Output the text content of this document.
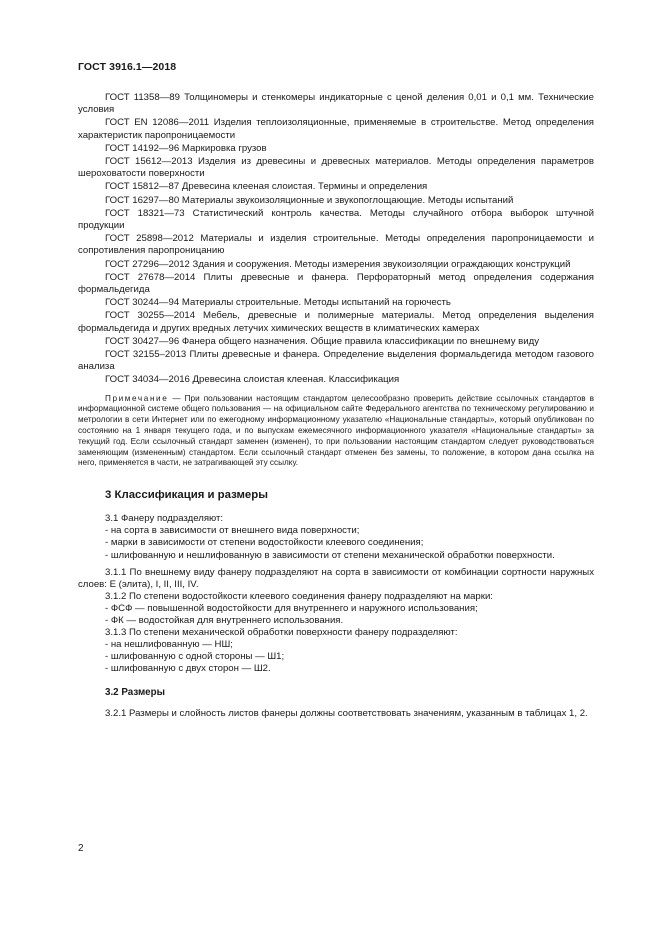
ГОСТ 3916.1—2018

ГОСТ 11358—89 Толщиномеры и стенкомеры индикаторные с ценой деления 0,01 и 0,1 мм. Технические условия

ГОСТ EN 12086—2011 Изделия теплоизоляционные, применяемые в строительстве. Метод определения характеристик паропроницаемости

ГОСТ 14192—96 Маркировка грузов

ГОСТ 15612—2013 Изделия из древесины и древесных материалов. Методы определения параметров шероховатости поверхности

ГОСТ 15812—87 Древесина клееная слоистая. Термины и определения

ГОСТ 16297—80 Материалы звукоизоляционные и звукопоглощающие. Методы испытаний

ГОСТ 18321—73 Статистический контроль качества. Методы случайного отбора выборок штучной продукции

ГОСТ 25898—2012 Материалы и изделия строительные. Методы определения паропроницаемости и сопротивления паропроницанию

ГОСТ 27296—2012 Здания и сооружения. Методы измерения звукоизоляции ограждающих конструкций

ГОСТ 27678—2014 Плиты древесные и фанера. Перфораторный метод определения содержания формальдегида

ГОСТ 30244—94 Материалы строительные. Методы испытаний на горючесть

ГОСТ 30255—2014 Мебель, древесные и полимерные материалы. Метод определения выделения формальдегида и других вредных летучих химических веществ в климатических камерах

ГОСТ 30427—96 Фанера общего назначения. Общие правила классификации по внешнему виду

ГОСТ 32155–2013 Плиты древесные и фанера. Определение выделения формальдегида методом газового анализа

ГОСТ 34034—2016 Древесина слоистая клееная. Классификация

Примечание — При пользовании настоящим стандартом целесообразно проверить действие ссылочных стандартов в информационной системе общего пользования — на официальном сайте Федерального агентства по техническому регулированию и метрологии в сети Интернет или по ежегодному информационному указателю «Национальные стандарты», который опубликован по состоянию на 1 января текущего года, и по выпускам ежемесячного информационного указателя «Национальные стандарты» за текущий год. Если ссылочный стандарт заменен (изменен), то при пользовании настоящим стандартом следует руководствоваться заменяющим (измененным) стандартом. Если ссылочный стандарт отменен без замены, то положение, в котором дана ссылка на него, применяется в части, не затрагивающей эту ссылку.
3 Классификация и размеры

3.1 Фанеру подразделяют:

- на сорта в зависимости от внешнего вида поверхности;

- марки в зависимости от степени водостойкости клеевого соединения;

- шлифованную и нешлифованную в зависимости от степени механической обработки поверхности.

3.1.1 По внешнему виду фанеру подразделяют на сорта в зависимости от комбинации сортности наружных слоев: Е (элита), I, II, III, IV.

3.1.2 По степени водостойкости клеевого соединения фанеру подразделяют на марки:

- ФСФ — повышенной водостойкости для внутреннего и наружного использования;

- ФК — водостойкая для внутреннего использования.

3.1.3 По степени механической обработки поверхности фанеру подразделяют:

- на нешлифованную — НШ;

- шлифованную с одной стороны — Ш1;

- шлифованную с двух сторон — Ш2.

3.2 Размеры

3.2.1 Размеры и слойность листов фанеры должны соответствовать значениям, указанным в таблицах 1, 2.

2
